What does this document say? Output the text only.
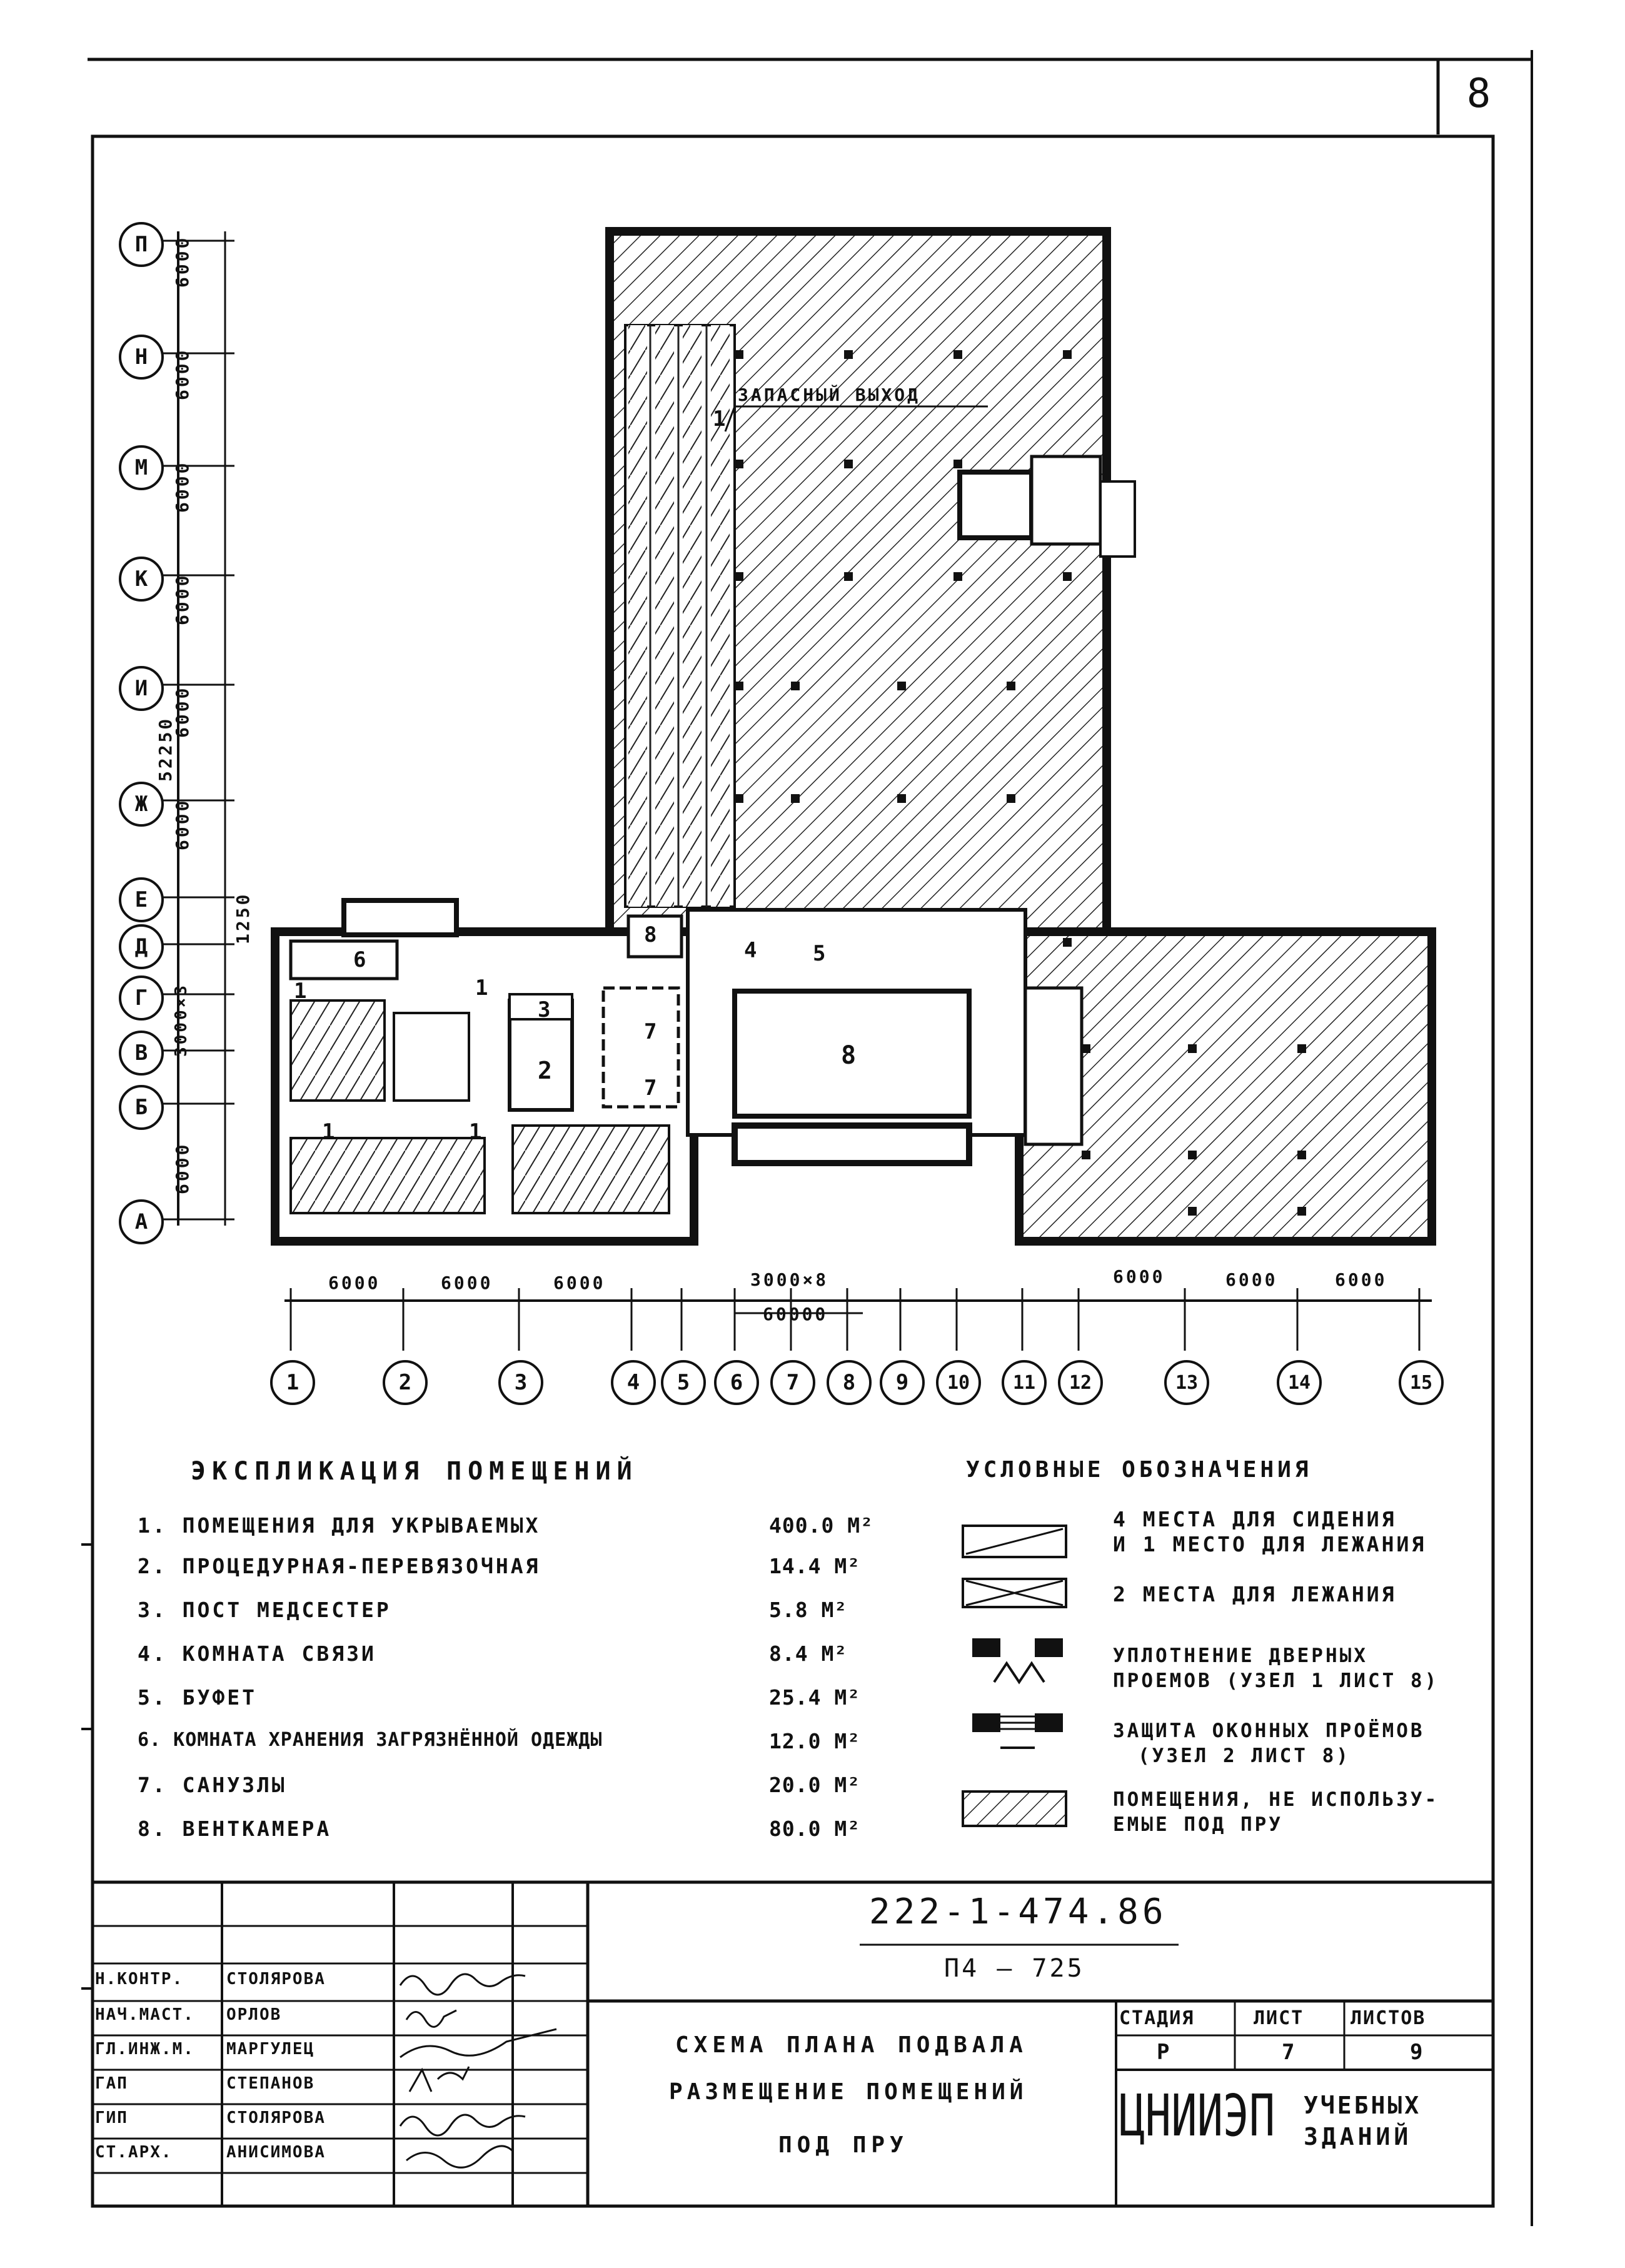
8
ЗАПАСНЫЙ ВЫХОД
1
1
1
1	1
2
3
4	5
6
7
7
8
8
П
Н
М
К
И
Ж
Е
Д
Г
В
Б
А
6000
6000
6000
6000
6000
6000
3000×3
6000
52250
1250
6000	6000	6000	3000×8	6000	6000	6000
60000
1	2	3	4	5	6	7	8	9	10	11	12	13	14	15
ЭКСПЛИКАЦИЯ ПОМЕЩЕНИЙ
1. ПОМЕЩЕНИЯ ДЛЯ УКРЫВАЕМЫХ	400.0 М²
2. ПРОЦЕДУРНАЯ-ПЕРЕВЯЗОЧНАЯ	14.4 М²
3. ПОСТ МЕДСЕСТЕР	5.8 М²
4. КОМНАТА СВЯЗИ	8.4 М²
5. БУФЕТ	25.4 М²
6. КОМНАТА ХРАНЕНИЯ ЗАГРЯЗНЁННОЙ ОДЕЖДЫ	12.0 М²
7. САНУЗЛЫ	20.0 М²
8. ВЕНТКАМЕРА	80.0 М²
УСЛОВНЫЕ ОБОЗНАЧЕНИЯ
4 МЕСТА ДЛЯ СИДЕНИЯ
И 1 МЕСТО ДЛЯ ЛЕЖАНИЯ
2 МЕСТА ДЛЯ ЛЕЖАНИЯ
УПЛОТНЕНИЕ ДВЕРНЫХ
ПРОЕМОВ (УЗЕЛ 1 ЛИСТ 8)
ЗАЩИТА ОКОННЫХ ПРОЁМОВ
(УЗЕЛ 2 ЛИСТ 8)
ПОМЕЩЕНИЯ, НЕ ИСПОЛЬЗУ-
ЕМЫЕ ПОД ПРУ
222-1-474.86
П4 – 725
СХЕМА ПЛАНА ПОДВАЛА
РАЗМЕЩЕНИЕ ПОМЕЩЕНИЙ
ПОД ПРУ
СТАДИЯ	ЛИСТ ЛИСТОВ
Р	7	9
ЦНИИЭП УЧЕБНЫХ
ЗДАНИЙ
Н.КОНТР.	СТОЛЯРОВА
НАЧ.МАСТ. ОРЛОВ
ГЛ.ИНЖ.М. МАРГУЛЕЦ
ГАП	СТЕПАНОВ
ГИП	СТОЛЯРОВА
СТ.АРХ.	АНИСИМОВА
